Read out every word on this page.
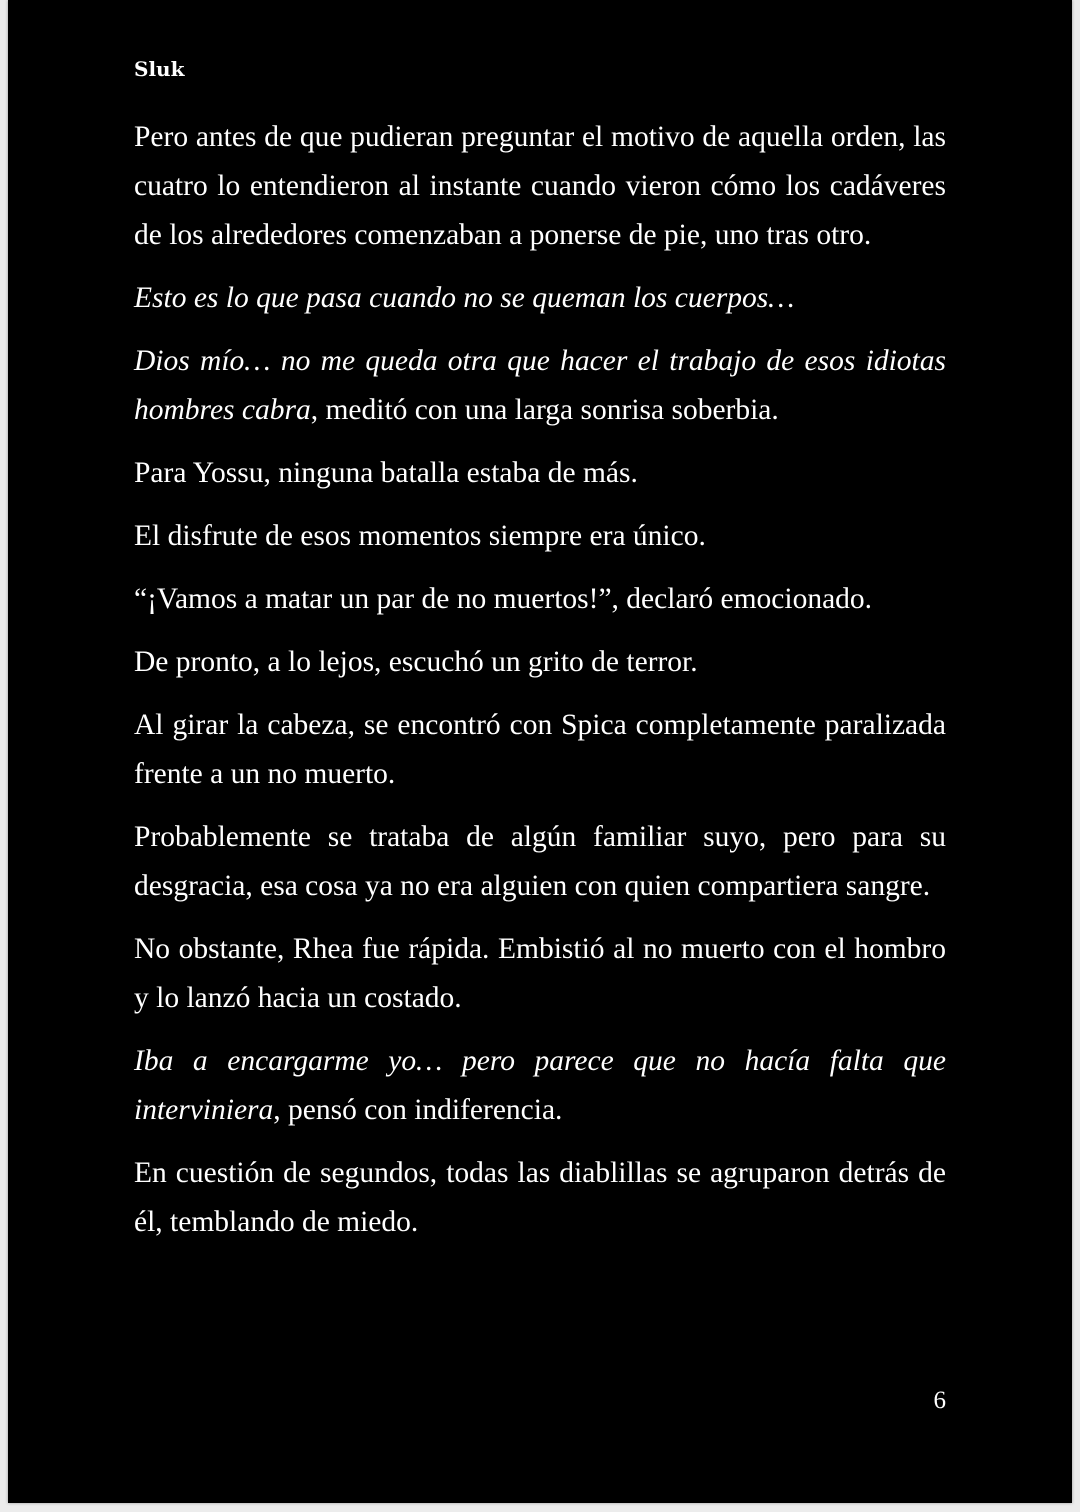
Sluk

Pero antes de que pudieran preguntar el motivo de aquella orden, las cuatro lo entendieron al instante cuando vieron cómo los cadáveres de los alrededores comenzaban a ponerse de pie, uno tras otro.

Esto es lo que pasa cuando no se queman los cuerpos…

Dios mío… no me queda otra que hacer el trabajo de esos idiotas hombres cabra, meditó con una larga sonrisa soberbia.

Para Yossu, ninguna batalla estaba de más.

El disfrute de esos momentos siempre era único.

“¡Vamos a matar un par de no muertos!”, declaró emocionado.

De pronto, a lo lejos, escuchó un grito de terror.

Al girar la cabeza, se encontró con Spica completamente paralizada frente a un no muerto.

Probablemente se trataba de algún familiar suyo, pero para su desgracia, esa cosa ya no era alguien con quien compartiera sangre.

No obstante, Rhea fue rápida. Embistió al no muerto con el hombro y lo lanzó hacia un costado.

Iba a encargarme yo… pero parece que no hacía falta que interviniera, pensó con indiferencia.

En cuestión de segundos, todas las diablillas se agruparon detrás de él, temblando de miedo.

6
